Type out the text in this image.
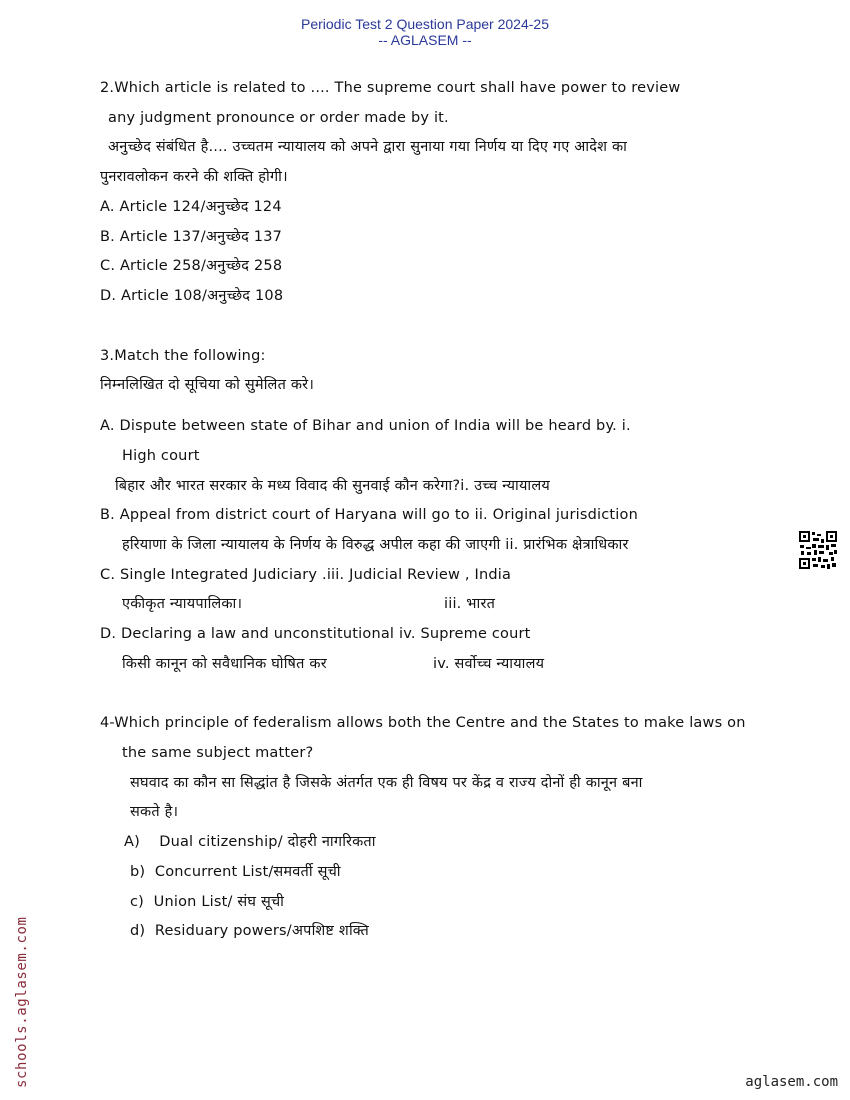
Periodic Test 2 Question Paper 2024-25
-- AGLASEM --
2.Which article is related to .... The supreme court shall have power to review
any judgment pronounce or order made by it.
अनुच्छेद संबंधित है.... उच्चतम न्यायालय को अपने द्वारा सुनाया गया निर्णय या दिए गए आदेश का
पुनरावलोकन करने की शक्ति होगी।
A. Article 124/अनुच्छेद 124
B. Article 137/अनुच्छेद 137
C. Article 258/अनुच्छेद 258
D. Article 108/अनुच्छेद 108
3.Match the following:
निम्नलिखित दो सूचिया को सुमेलित करे।
A. Dispute between state of Bihar and union of India will be heard by. i.
High court
बिहार और भारत सरकार के मध्य विवाद की सुनवाई कौन करेगा?i. उच्च न्यायालय
B. Appeal from district court of Haryana will go to ii. Original jurisdiction
हरियाणा के जिला न्यायालय के निर्णय के विरुद्ध अपील कहा की जाएगी ii. प्रारंभिक क्षेत्राधिकार
C. Single Integrated Judiciary .iii. Judicial Review , India
एकीकृत न्यायपालिका।	iii. भारत
D. Declaring a law and unconstitutional iv. Supreme court
किसी कानून को सवैधानिक घोषित कर	iv. सर्वोच्च न्यायालय
4-Which principle of federalism allows both the Centre and the States to make laws on
the same subject matter?
सघवाद का कौन सा सिद्धांत है जिसके अंतर्गत एक ही विषय पर केंद्र व राज्य दोनों ही कानून बना
सकते है।
A)    Dual citizenship/ दोहरी नागरिकता
b)  Concurrent List/समवर्ती सूची
c)  Union List/ संघ सूची
d)  Residuary powers/अपशिष्ट शक्ति
schools.aglasem.com	aglasem.com
